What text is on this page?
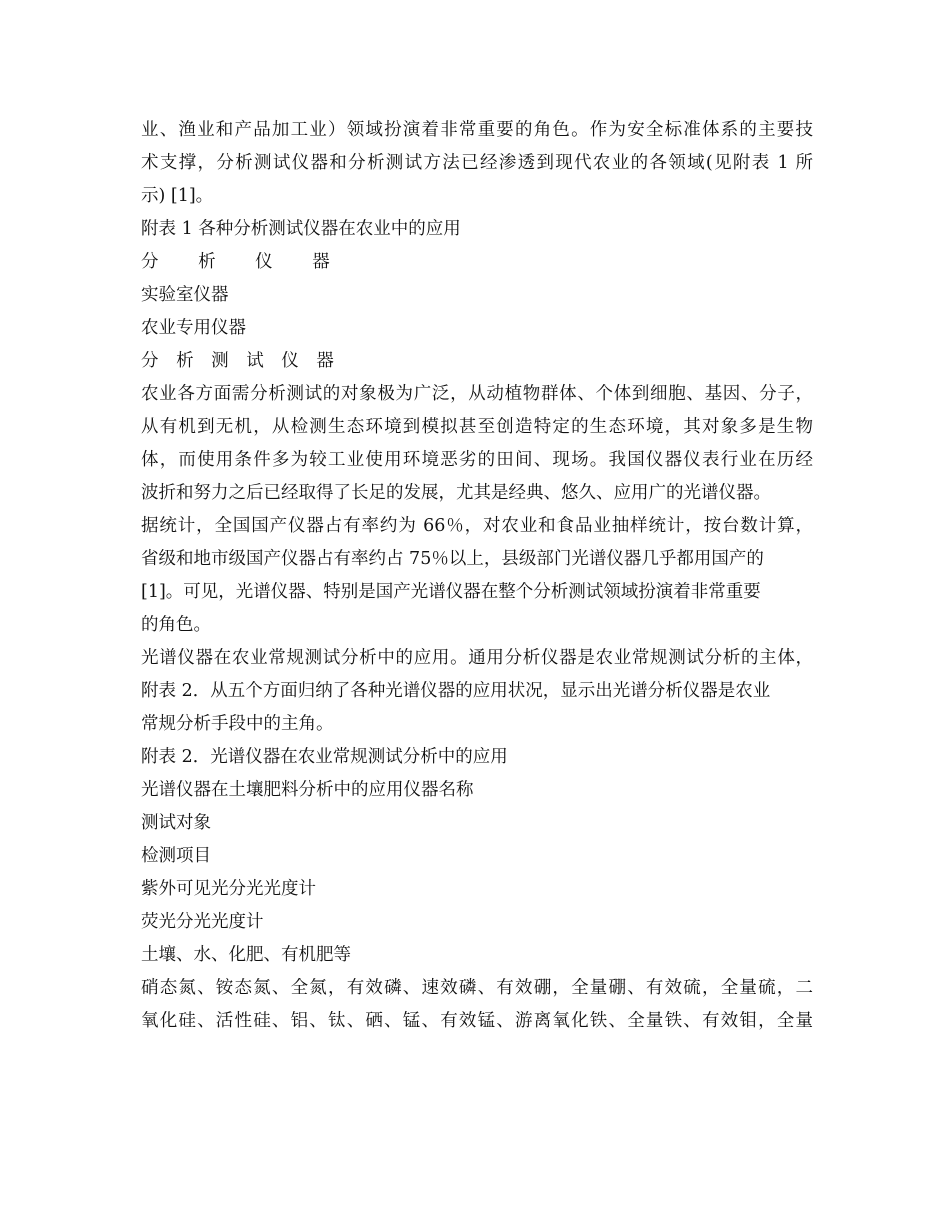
业、渔业和产品加工业）领域扮演着非常重要的角色。作为安全标准体系的主要技
术支撑，分析测试仪器和分析测试方法已经渗透到现代农业的各领域(见附表 1 所
示) [1]。
附表 1 各种分析测试仪器在农业中的应用
分 析 仪 器
实验室仪器
农业专用仪器
分 析 测 试 仪 器
农业各方面需分析测试的对象极为广泛，从动植物群体、个体到细胞、基因、分子，
从有机到无机，从检测生态环境到模拟甚至创造特定的生态环境，其对象多是生物
体，而使用条件多为较工业使用环境恶劣的田间、现场。我国仪器仪表行业在历经
波折和努力之后已经取得了长足的发展，尤其是经典、悠久、应用广的光谱仪器。
据统计，全国国产仪器占有率约为 66％，对农业和食品业抽样统计，按台数计算，
省级和地市级国产仪器占有率约占 75％以上，县级部门光谱仪器几乎都用国产的
[1]。可见，光谱仪器、特别是国产光谱仪器在整个分析测试领域扮演着非常重要
的角色。
光谱仪器在农业常规测试分析中的应用。通用分析仪器是农业常规测试分析的主体，
附表 2．从五个方面归纳了各种光谱仪器的应用状况，显示出光谱分析仪器是农业
常规分析手段中的主角。
附表 2．光谱仪器在农业常规测试分析中的应用
光谱仪器在土壤肥料分析中的应用仪器名称
测试对象
检测项目
紫外可见光分光光度计
荧光分光光度计
土壤、水、化肥、有机肥等
硝态氮、铵态氮、全氮，有效磷、速效磷、有效硼，全量硼、有效硫，全量硫，二
氧化硅、活性硅、铝、钛、硒、锰、有效锰、游离氧化铁、全量铁、有效钼，全量
